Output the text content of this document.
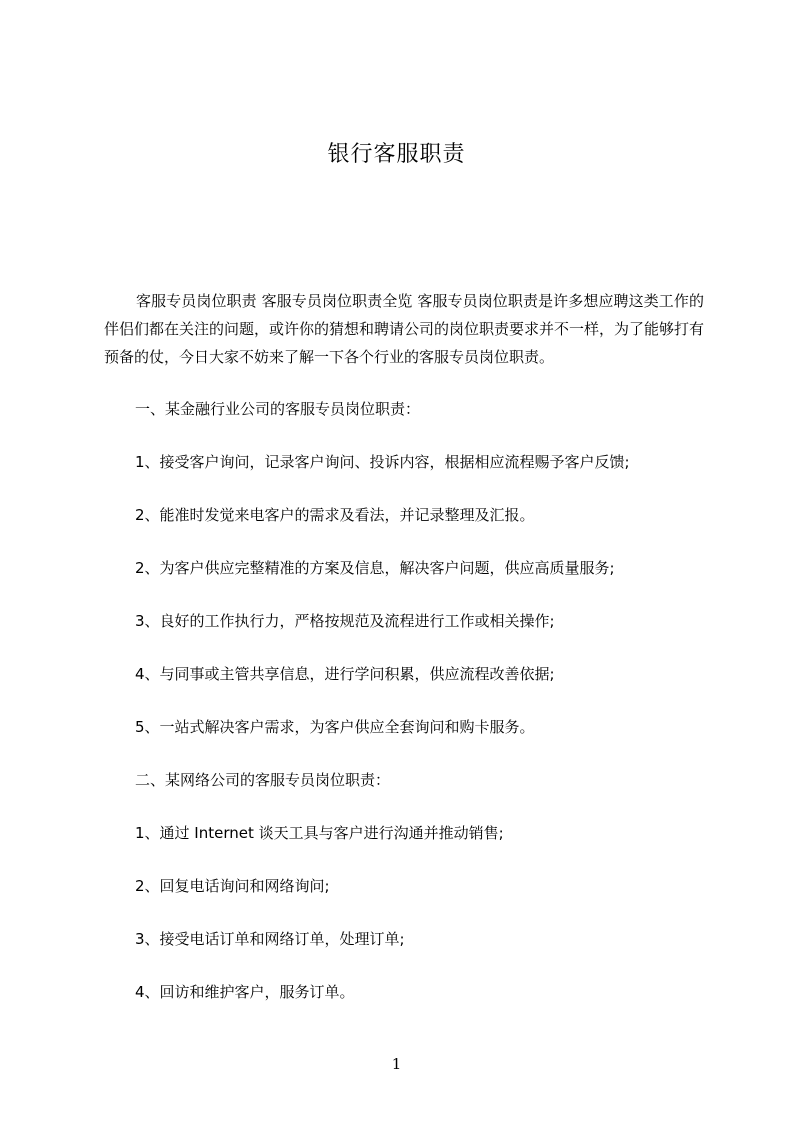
银行客服职责
客服专员岗位职责 客服专员岗位职责全览 客服专员岗位职责是许多想应聘这类工作的伴侣们都在关注的问题，或许你的猜想和聘请公司的岗位职责要求并不一样，为了能够打有预备的仗，今日大家不妨来了解一下各个行业的客服专员岗位职责。
一、某金融行业公司的客服专员岗位职责：
1、接受客户询问，记录客户询问、投诉内容，根据相应流程赐予客户反馈;
2、能准时发觉来电客户的需求及看法，并记录整理及汇报。
2、为客户供应完整精准的方案及信息，解决客户问题，供应高质量服务;
3、良好的工作执行力，严格按规范及流程进行工作或相关操作;
4、与同事或主管共享信息，进行学问积累，供应流程改善依据;
5、一站式解决客户需求，为客户供应全套询问和购卡服务。
二、某网络公司的客服专员岗位职责：
1、通过 Internet 谈天工具与客户进行沟通并推动销售;
2、回复电话询问和网络询问;
3、接受电话订单和网络订单，处理订单;
4、回访和维护客户，服务订单。
1
